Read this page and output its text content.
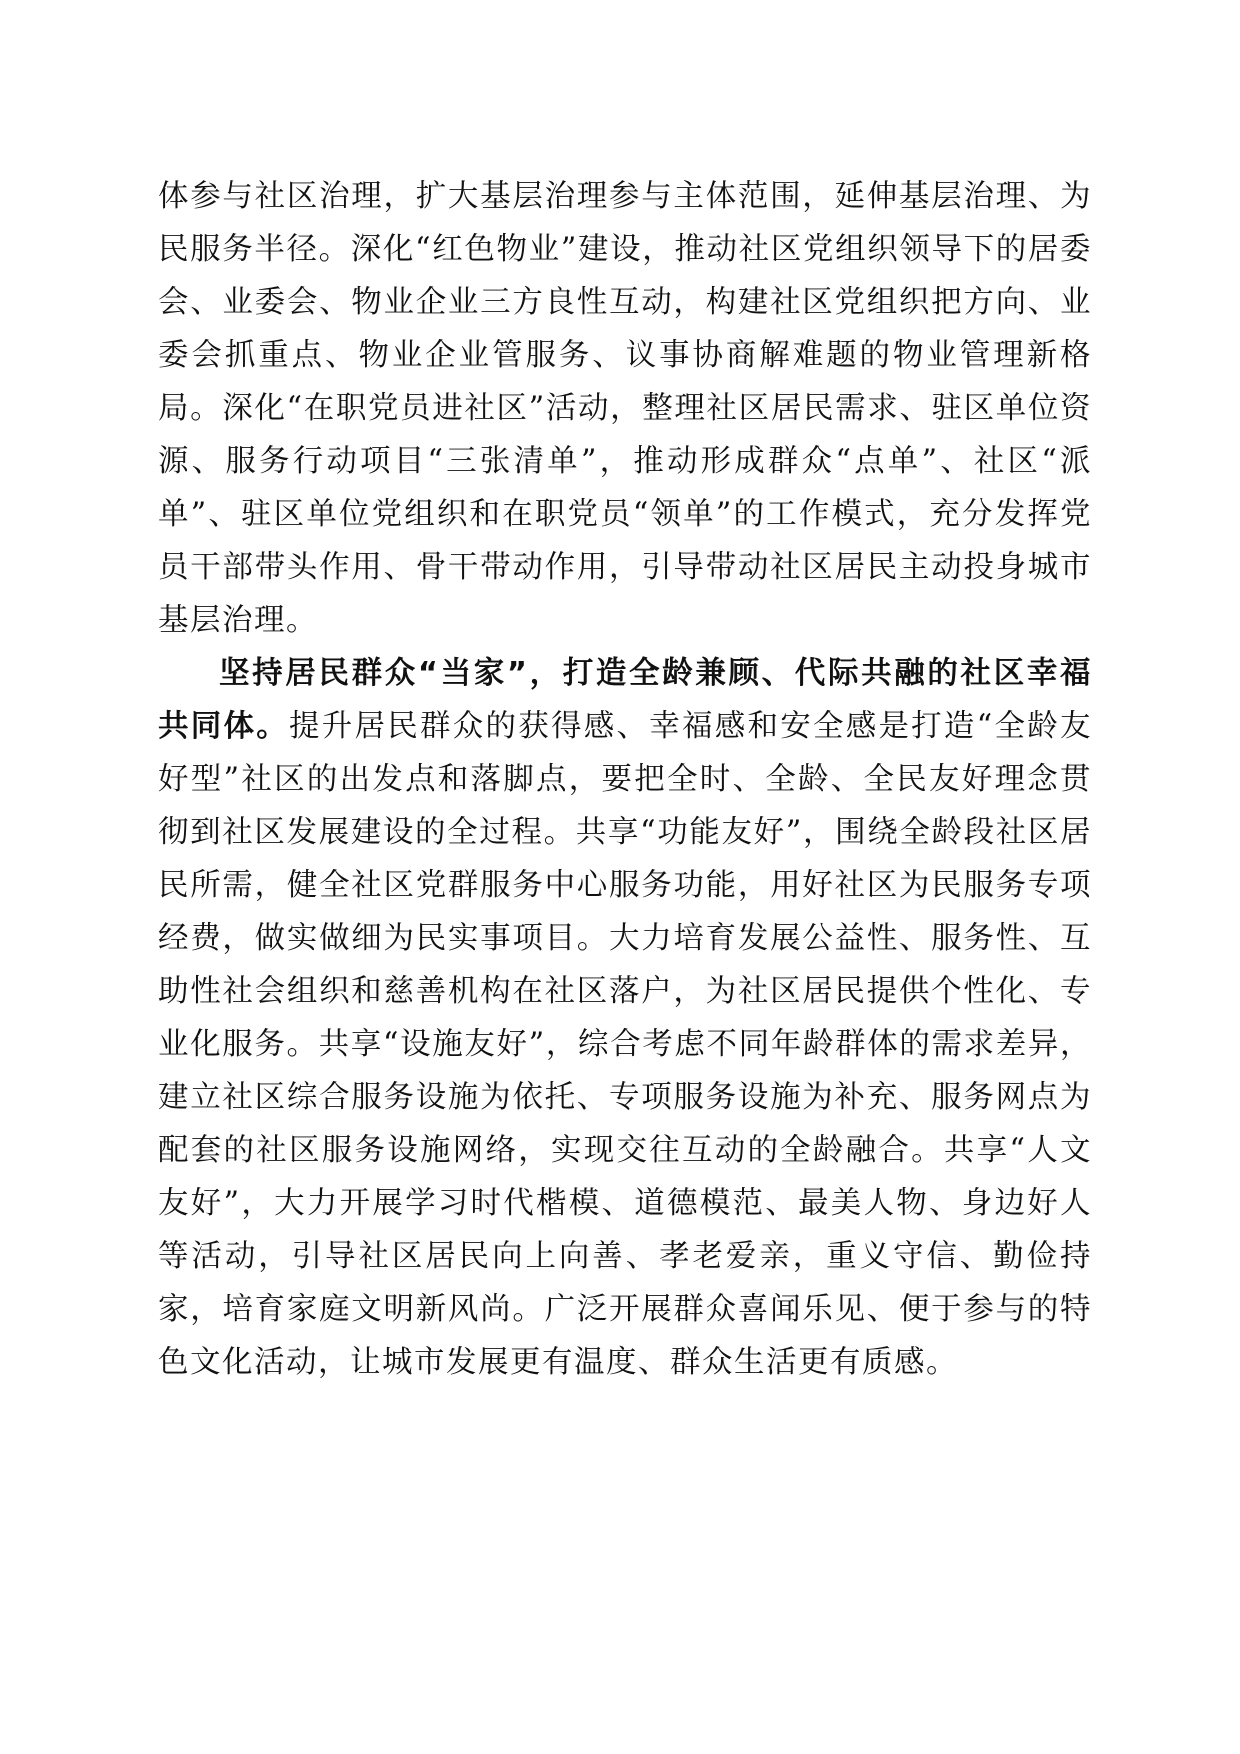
体参与社区治理，扩大基层治理参与主体范围，延伸基层治理、为民服务半径。深化“红色物业”建设，推动社区党组织领导下的居委会、业委会、物业企业三方良性互动，构建社区党组织把方向、业委会抓重点、物业企业管服务、议事协商解难题的物业管理新格局。深化“在职党员进社区”活动，整理社区居民需求、驻区单位资源、服务行动项目“三张清单”，推动形成群众“点单”、社区“派单”、驻区单位党组织和在职党员“领单”的工作模式，充分发挥党员干部带头作用、骨干带动作用，引导带动社区居民主动投身城市基层治理。

坚持居民群众“当家”，打造全龄兼顾、代际共融的社区幸福共同体。提升居民群众的获得感、幸福感和安全感是打造“全龄友好型”社区的出发点和落脚点，要把全时、全龄、全民友好理念贯彻到社区发展建设的全过程。共享“功能友好”，围绕全龄段社区居民所需，健全社区党群服务中心服务功能，用好社区为民服务专项经费，做实做细为民实事项目。大力培育发展公益性、服务性、互助性社会组织和慈善机构在社区落户，为社区居民提供个性化、专业化服务。共享“设施友好”，综合考虑不同年龄群体的需求差异，建立社区综合服务设施为依托、专项服务设施为补充、服务网点为配套的社区服务设施网络，实现交往互动的全龄融合。共享“人文友好”，大力开展学习时代楷模、道德模范、最美人物、身边好人等活动，引导社区居民向上向善、孝老爱亲，重义守信、勤俭持家，培育家庭文明新风尚。广泛开展群众喜闻乐见、便于参与的特色文化活动，让城市发展更有温度、群众生活更有质感。
